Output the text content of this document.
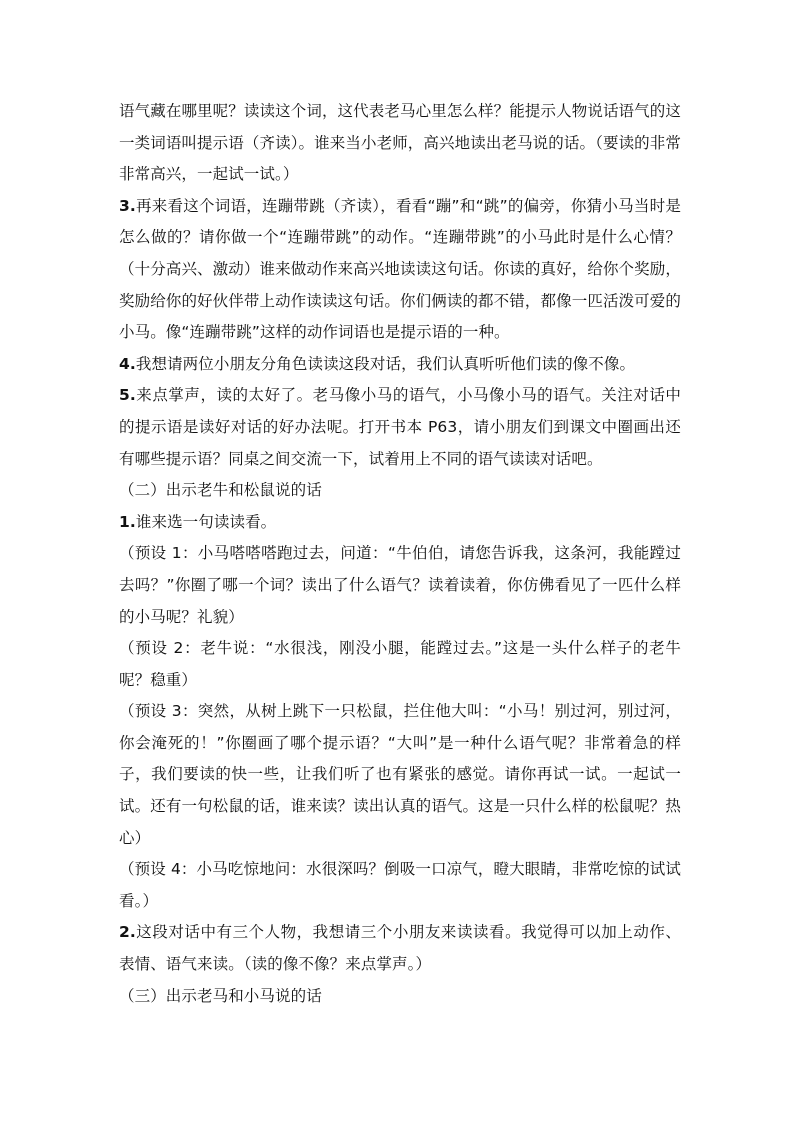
语气藏在哪里呢？读读这个词，这代表老马心里怎么样？能提示人物说话语气的这一类词语叫提示语（齐读）。谁来当小老师，高兴地读出老马说的话。（要读的非常非常高兴，一起试一试。）

3.再来看这个词语，连蹦带跳（齐读），看看“蹦”和“跳”的偏旁，你猜小马当时是怎么做的？请你做一个“连蹦带跳”的动作。“连蹦带跳”的小马此时是什么心情？（十分高兴、激动）谁来做动作来高兴地读读这句话。你读的真好，给你个奖励，奖励给你的好伙伴带上动作读读这句话。你们俩读的都不错，都像一匹活泼可爱的小马。像“连蹦带跳”这样的动作词语也是提示语的一种。

4.我想请两位小朋友分角色读读这段对话，我们认真听听他们读的像不像。

5.来点掌声，读的太好了。老马像小马的语气，小马像小马的语气。关注对话中的提示语是读好对话的好办法呢。打开书本 P63，请小朋友们到课文中圈画出还有哪些提示语？同桌之间交流一下，试着用上不同的语气读读对话吧。

（二）出示老牛和松鼠说的话

1.谁来选一句读读看。

（预设 1：小马嗒嗒嗒跑过去，问道：“牛伯伯，请您告诉我，这条河，我能蹚过去吗？”你圈了哪一个词？读出了什么语气？读着读着，你仿佛看见了一匹什么样的小马呢？礼貌）

（预设 2：老牛说：“水很浅，刚没小腿，能蹚过去。”这是一头什么样子的老牛呢？稳重）

（预设 3：突然，从树上跳下一只松鼠，拦住他大叫：“小马！别过河，别过河，你会淹死的！”你圈画了哪个提示语？“大叫”是一种什么语气呢？非常着急的样子，我们要读的快一些，让我们听了也有紧张的感觉。请你再试一试。一起试一试。还有一句松鼠的话，谁来读？读出认真的语气。这是一只什么样的松鼠呢？热心）

（预设 4：小马吃惊地问：水很深吗？倒吸一口凉气，瞪大眼睛，非常吃惊的试试看。）

2.这段对话中有三个人物，我想请三个小朋友来读读看。我觉得可以加上动作、表情、语气来读。（读的像不像？来点掌声。）

（三）出示老马和小马说的话
